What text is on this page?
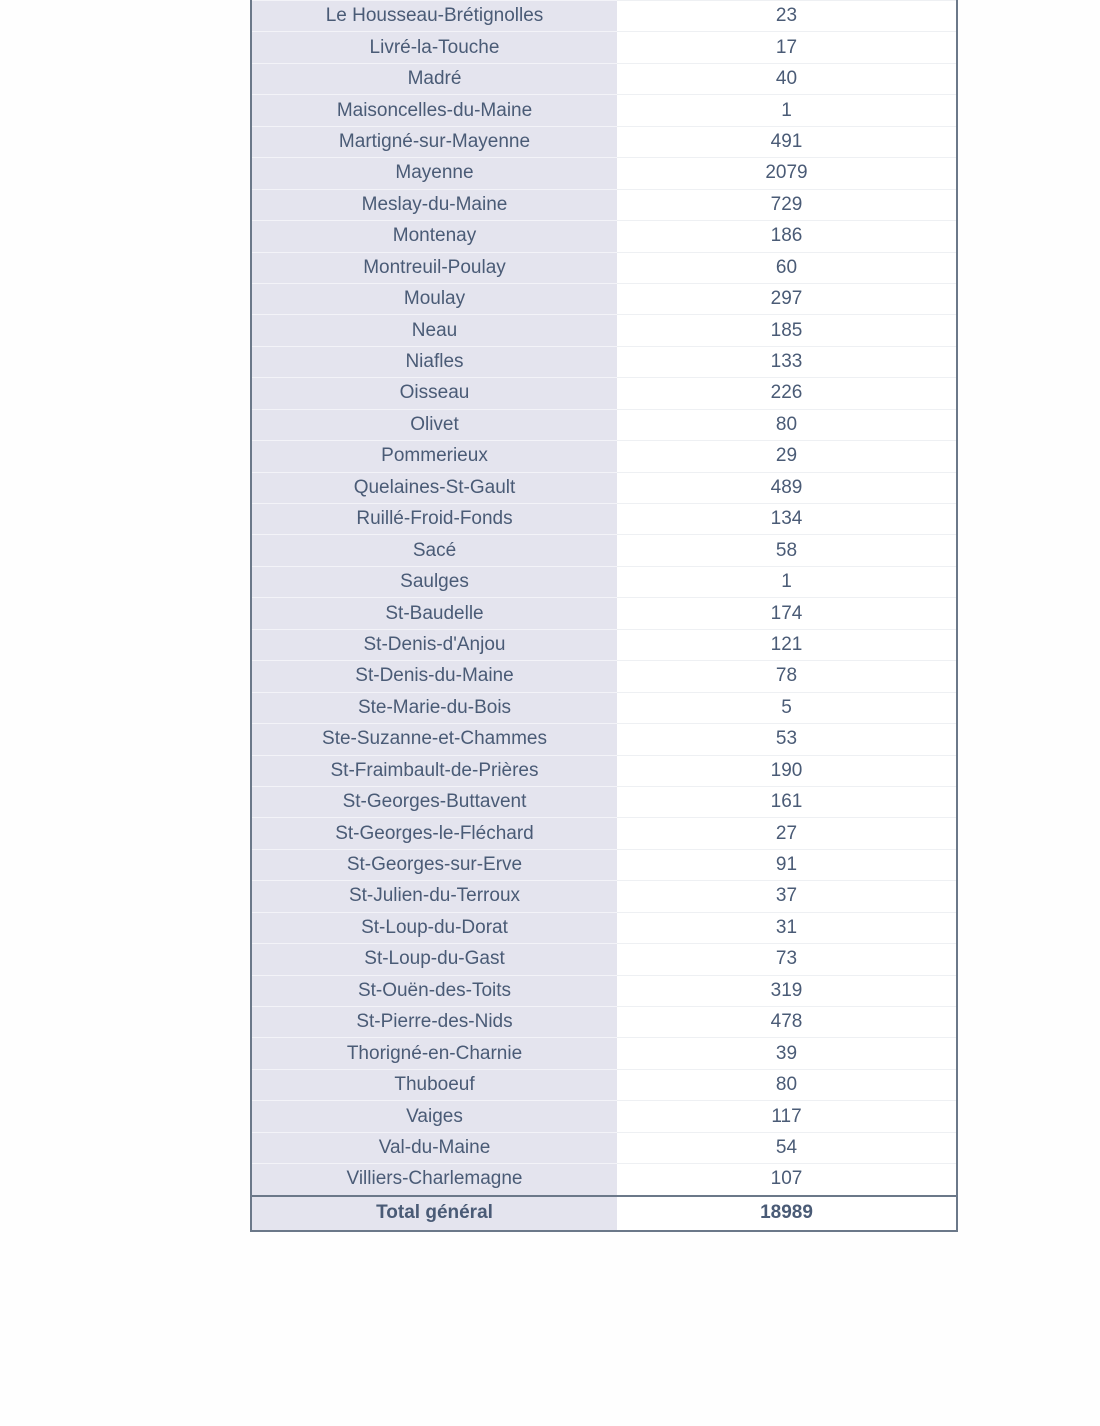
Le Housseau-Brétignolles	23
Livré-la-Touche	17
Madré	40
Maisoncelles-du-Maine	1
Martigné-sur-Mayenne	491
Mayenne	2079
Meslay-du-Maine	729
Montenay	186
Montreuil-Poulay	60
Moulay	297
Neau	185
Niafles	133
Oisseau	226
Olivet	80
Pommerieux	29
Quelaines-St-Gault	489
Ruillé-Froid-Fonds	134
Sacé	58
Saulges	1
St-Baudelle	174
St-Denis-d'Anjou	121
St-Denis-du-Maine	78
Ste-Marie-du-Bois	5
Ste-Suzanne-et-Chammes	53
St-Fraimbault-de-Prières	190
St-Georges-Buttavent	161
St-Georges-le-Fléchard	27
St-Georges-sur-Erve	91
St-Julien-du-Terroux	37
St-Loup-du-Dorat	31
St-Loup-du-Gast	73
St-Ouën-des-Toits	319
St-Pierre-des-Nids	478
Thorigné-en-Charnie	39
Thuboeuf	80
Vaiges	117
Val-du-Maine	54
Villiers-Charlemagne	107
Total général	18989
